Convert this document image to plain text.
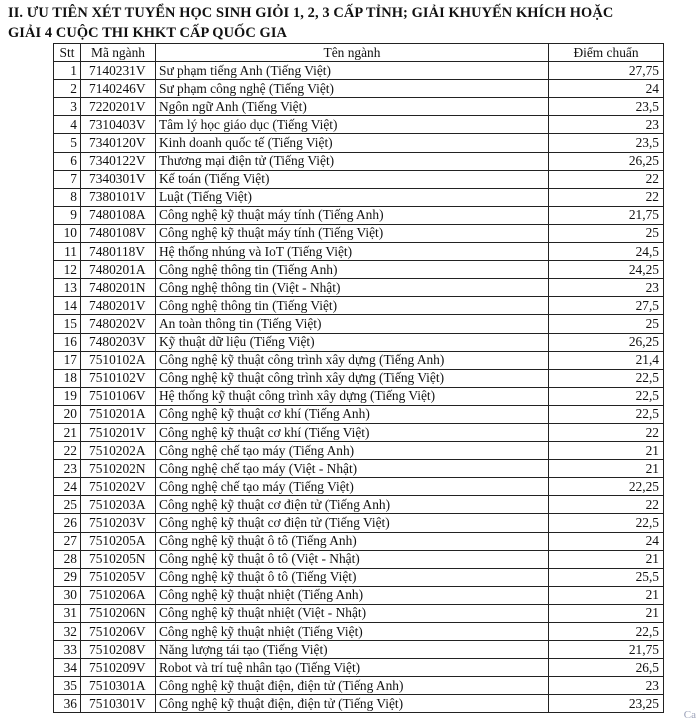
II. ƯU TIÊN XÉT TUYỂN HỌC SINH GIỎI 1, 2, 3 CẤP TỈNH; GIẢI KHUYẾN KHÍCH HOẶC
GIẢI 4 CUỘC THI KHKT CẤP QUỐC GIA
Stt	Mã ngành	Tên ngành	Điểm chuẩn
1	7140231V	Sư phạm tiếng Anh (Tiếng Việt)	27,75
2	7140246V	Sư phạm công nghệ (Tiếng Việt)	24
3	7220201V	Ngôn ngữ Anh (Tiếng Việt)	23,5
4	7310403V	Tâm lý học giáo dục (Tiếng Việt)	23
5	7340120V	Kinh doanh quốc tế (Tiếng Việt)	23,5
6	7340122V	Thương mại điện tử (Tiếng Việt)	26,25
7	7340301V	Kế toán (Tiếng Việt)	22
8	7380101V	Luật (Tiếng Việt)	22
9	7480108A	Công nghệ kỹ thuật máy tính (Tiếng Anh)	21,75
10	7480108V	Công nghệ kỹ thuật máy tính (Tiếng Việt)	25
11	7480118V	Hệ thống nhúng và IoT (Tiếng Việt)	24,5
12	7480201A	Công nghệ thông tin (Tiếng Anh)	24,25
13	7480201N	Công nghệ thông tin (Việt - Nhật)	23
14	7480201V	Công nghệ thông tin (Tiếng Việt)	27,5
15	7480202V	An toàn thông tin (Tiếng Việt)	25
16	7480203V	Kỹ thuật dữ liệu (Tiếng Việt)	26,25
17	7510102A	Công nghệ kỹ thuật công trình xây dựng (Tiếng Anh)	21,4
18	7510102V	Công nghệ kỹ thuật công trình xây dựng (Tiếng Việt)	22,5
19	7510106V	Hệ thống kỹ thuật công trình xây dựng (Tiếng Việt)	22,5
20	7510201A	Công nghệ kỹ thuật cơ khí (Tiếng Anh)	22,5
21	7510201V	Công nghệ kỹ thuật cơ khí (Tiếng Việt)	22
22	7510202A	Công nghệ chế tạo máy (Tiếng Anh)	21
23	7510202N	Công nghệ chế tạo máy (Việt - Nhật)	21
24	7510202V	Công nghệ chế tạo máy (Tiếng Việt)	22,25
25	7510203A	Công nghệ kỹ thuật cơ điện tử (Tiếng Anh)	22
26	7510203V	Công nghệ kỹ thuật cơ điện tử (Tiếng Việt)	22,5
27	7510205A	Công nghệ kỹ thuật ô tô (Tiếng Anh)	24
28	7510205N	Công nghệ kỹ thuật ô tô (Việt - Nhật)	21
29	7510205V	Công nghệ kỹ thuật ô tô (Tiếng Việt)	25,5
30	7510206A	Công nghệ kỹ thuật nhiệt (Tiếng Anh)	21
31	7510206N	Công nghệ kỹ thuật nhiệt (Việt - Nhật)	21
32	7510206V	Công nghệ kỹ thuật nhiệt (Tiếng Việt)	22,5
33	7510208V	Năng lượng tái tạo (Tiếng Việt)	21,75
34	7510209V	Robot và trí tuệ nhân tạo (Tiếng Việt)	26,5
35	7510301A	Công nghệ kỹ thuật điện, điện tử (Tiếng Anh)	23
36	7510301V	Công nghệ kỹ thuật điện, điện tử (Tiếng Việt)	23,25
Ca
